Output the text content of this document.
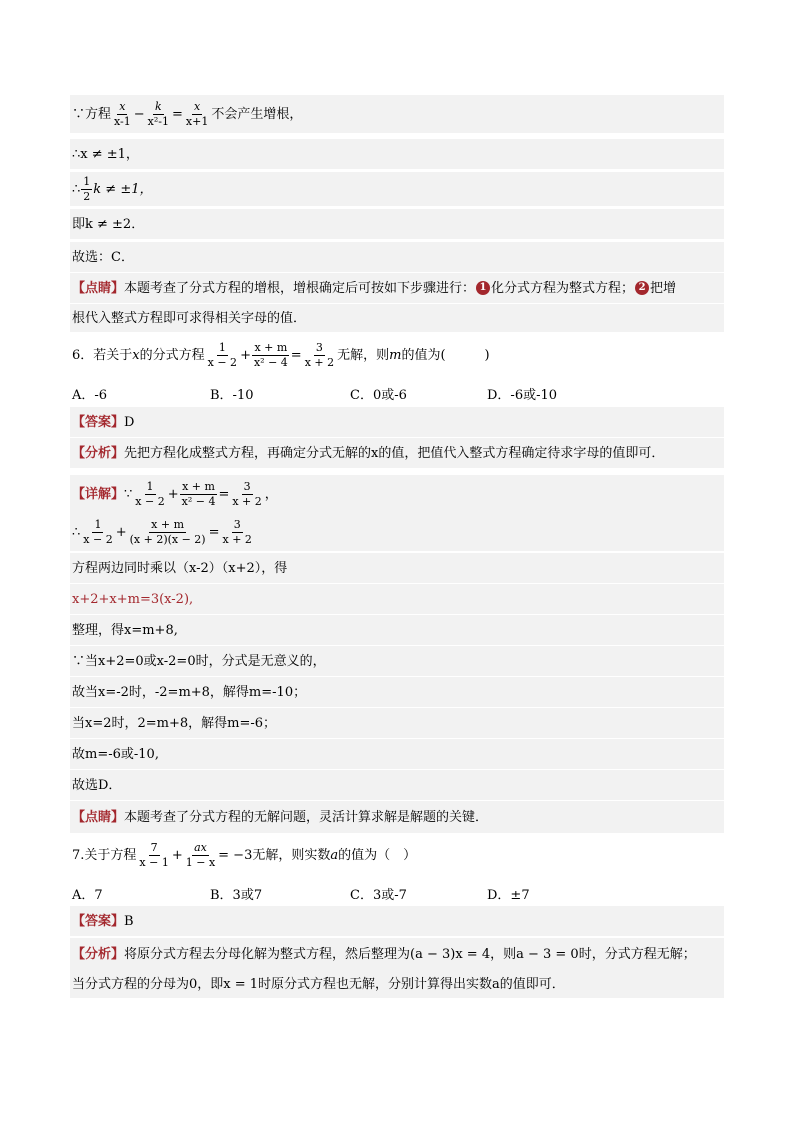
∵方程 $\frac{x}{x-1} - \frac{k}{\text{x²-1}} = \frac{x}{x+1}$ 不会产生增根，
∴x ≠ ±1，
∴ $\frac{1}{2}$ k ≠ ±1，
即k ≠ ±2．
故选：C．
【点睛】 本题考查了分式方程的增根，增根确定后可按如下步骤进行： 1 化分式方程为整式方程； 2 把增
根代入整式方程即可求得相关字母的值．
6．若关于 x 的分式方程 $\frac{1}{x - 2} + \frac{x + m}{\text{x² − 4}} = \frac{3}{x + 2}$ 无解，则 m 的值为(　　　)
A．-6	B．-10	C．0或-6	D．-6或-10
【答案】 D
【分析】 先把方程化成整式方程，再确定分式无解的x的值，把值代入整式方程确定待求字母的值即可．
【详解】 ∵ $\frac{1}{x - 2} + \frac{x + m}{\text{x² − 4}} = \frac{3}{x + 2}$ ，
∴ $\frac{1}{x - 2} + \frac{x + m}{(x + 2)(x - 2)} = \frac{3}{x + 2}$
方程两边同时乘以（x-2）（x+2），得
x+2+x+m=3(x-2),
整理，得x=m+8,
∵当x+2=0或x-2=0时，分式是无意义的，
故当x=-2时，-2=m+8，解得m=-10；
当x=2时，2=m+8，解得m=-6；
故m=-6或-10,
故选D．
【点睛】 本题考查了分式方程的无解问题，灵活计算求解是解题的关键．
7.关于方程 $\frac{7}{x - 1} + \frac{ax}{1 - x} = -3$无解，则实数 a 的值为（　）
A．7	B．3或7	C．3或-7	D．±7
【答案】 B
【分析】 将原分式方程去分母化解为整式方程，然后整理为(a − 3)x = 4，则a − 3 = 0时，分式方程无解；
当分式方程的分母为0，即x = 1时原分式方程也无解，分别计算得出实数a的值即可．
